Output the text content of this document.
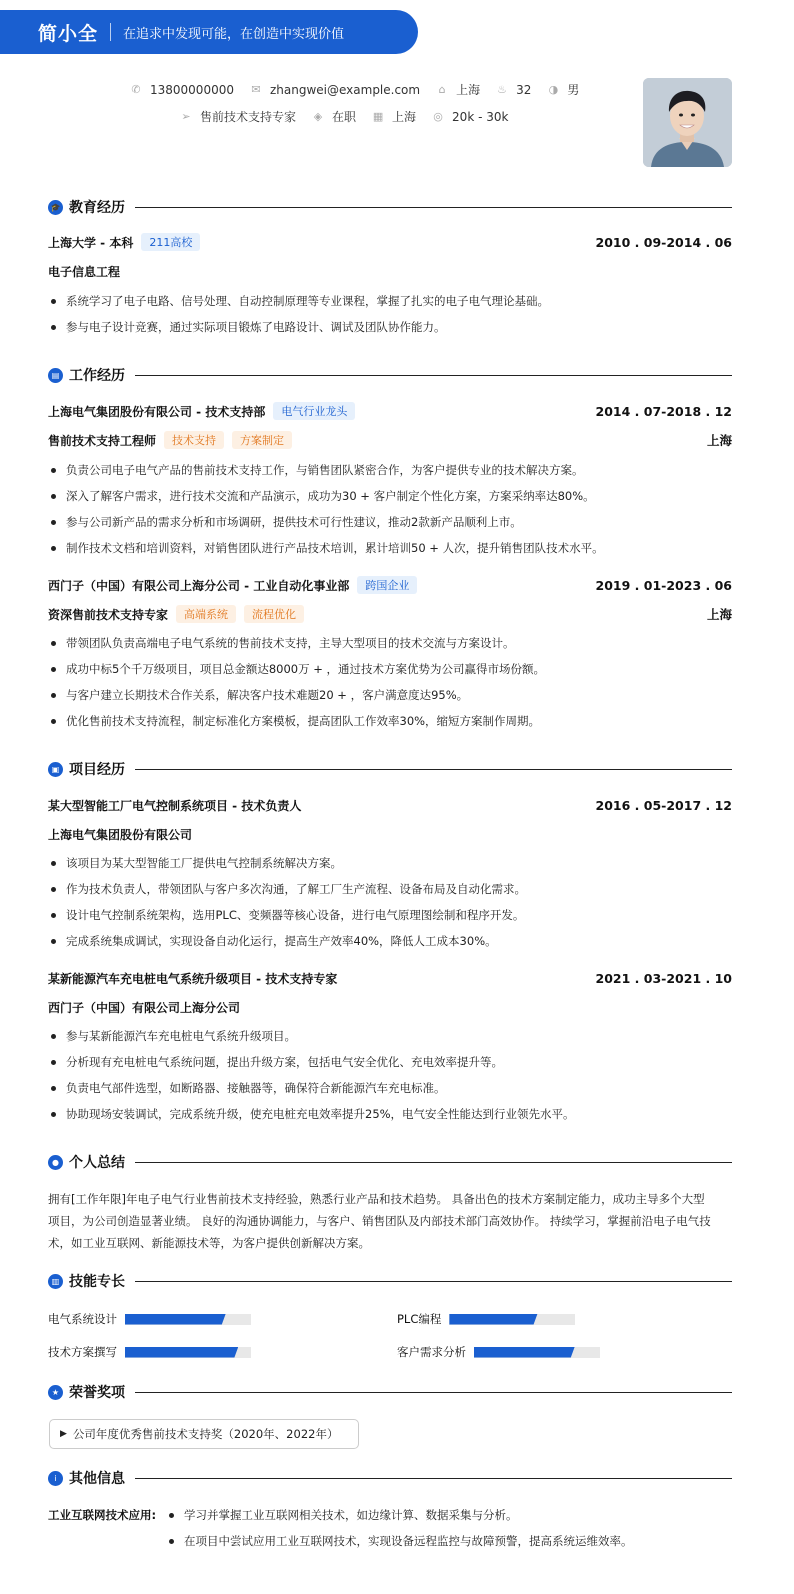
简小全 在追求中发现可能，在创造中实现价值
✆ 13800000000 ✉ zhangwei@example.com ⌂ 上海 ♨ 32 ◑ 男
➢ 售前技术支持专家 ◈ 在职 ▦ 上海 ◎ 20k - 30k
🎓 教育经历
上海大学 - 本科	211高校	2010 . 09-2014 . 06
电子信息工程
系统学习了电子电路、信号处理、自动控制原理等专业课程，掌握了扎实的电子电气理论基础。
参与电子设计竞赛，通过实际项目锻炼了电路设计、调试及团队协作能力。
▤ 工作经历
上海电气集团股份有限公司 - 技术支持部	电气行业龙头	2014 . 07-2018 . 12
售前技术支持工程师	技术支持	方案制定	上海
负责公司电子电气产品的售前技术支持工作，与销售团队紧密合作，为客户提供专业的技术解决方案。
深入了解客户需求，进行技术交流和产品演示，成功为30 + 客户制定个性化方案，方案采纳率达80%。
参与公司新产品的需求分析和市场调研，提供技术可行性建议，推动2款新产品顺利上市。
制作技术文档和培训资料，对销售团队进行产品技术培训，累计培训50 + 人次，提升销售团队技术水平。
西门子（中国）有限公司上海分公司 - 工业自动化事业部	跨国企业	2019 . 01-2023 . 06
资深售前技术支持专家	高端系统	流程优化	上海
带领团队负责高端电子电气系统的售前技术支持，主导大型项目的技术交流与方案设计。
成功中标5个千万级项目，项目总金额达8000万 + ，通过技术方案优势为公司赢得市场份额。
与客户建立长期技术合作关系，解决客户技术难题20 + ，客户满意度达95%。
优化售前技术支持流程，制定标准化方案模板，提高团队工作效率30%，缩短方案制作周期。
▣ 项目经历
某大型智能工厂电气控制系统项目 - 技术负责人	2016 . 05-2017 . 12
上海电气集团股份有限公司
该项目为某大型智能工厂提供电气控制系统解决方案。
作为技术负责人，带领团队与客户多次沟通，了解工厂生产流程、设备布局及自动化需求。
设计电气控制系统架构，选用PLC、变频器等核心设备，进行电气原理图绘制和程序开发。
完成系统集成调试，实现设备自动化运行，提高生产效率40%，降低人工成本30%。
某新能源汽车充电桩电气系统升级项目 - 技术支持专家	2021 . 03-2021 . 10
西门子（中国）有限公司上海分公司
参与某新能源汽车充电桩电气系统升级项目。
分析现有充电桩电气系统问题，提出升级方案，包括电气安全优化、充电效率提升等。
负责电气部件选型，如断路器、接触器等，确保符合新能源汽车充电标准。
协助现场安装调试，完成系统升级，使充电桩充电效率提升25%，电气安全性能达到行业领先水平。
● 个人总结
拥有[工作年限]年电子电气行业售前技术支持经验，熟悉行业产品和技术趋势。 具备出色的技术方案制定能力，成功主导多个大型
项目，为公司创造显著业绩。 良好的沟通协调能力，与客户、销售团队及内部技术部门高效协作。 持续学习，掌握前沿电子电气技
术，如工业互联网、新能源技术等，为客户提供创新解决方案。
▥ 技能专长
电气系统设计	PLC编程
技术方案撰写	客户需求分析
★ 荣誉奖项
▶ 公司年度优秀售前技术支持奖（2020年、2022年）
i 其他信息
工业互联网技术应用:	学习并掌握工业互联网相关技术，如边缘计算、数据采集与分析。
在项目中尝试应用工业互联网技术，实现设备远程监控与故障预警，提高系统运维效率。
